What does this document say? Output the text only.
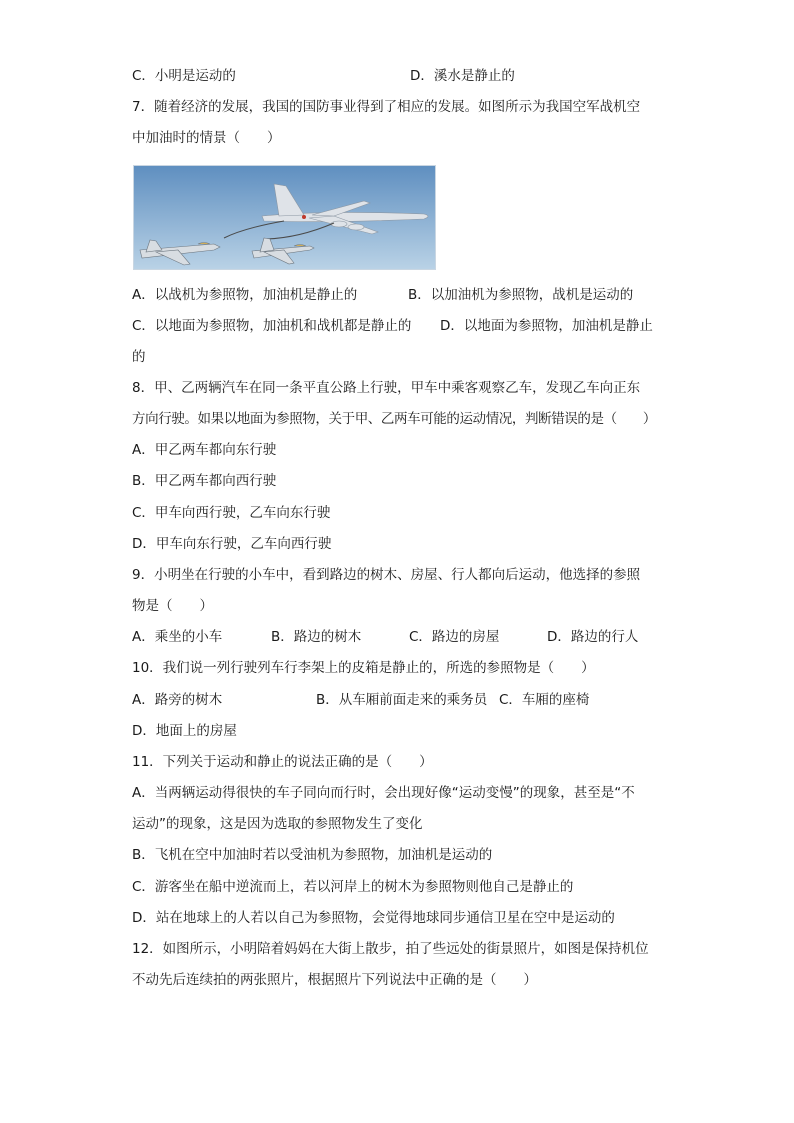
C．小明是运动的	D．溪水是静止的
7．随着经济的发展，我国的国防事业得到了相应的发展。如图所示为我国空军战机空
中加油时的情景（　　）
A．以战机为参照物，加油机是静止的	B．以加油机为参照物，战机是运动的
C．以地面为参照物，加油机和战机都是静止的 D．以地面为参照物，加油机是静止
的
8．甲、乙两辆汽车在同一条平直公路上行驶，甲车中乘客观察乙车，发现乙车向正东
方向行驶。如果以地面为参照物，关于甲、乙两车可能的运动情况，判断错误的是（　　）
A．甲乙两车都向东行驶
B．甲乙两车都向西行驶
C．甲车向西行驶，乙车向东行驶
D．甲车向东行驶，乙车向西行驶
9．小明坐在行驶的小车中，看到路边的树木、房屋、行人都向后运动，他选择的参照
物是（　　）
A．乘坐的小车	B．路边的树木	C．路边的房屋	D．路边的行人
10．我们说一列行驶列车行李架上的皮箱是静止的，所选的参照物是（　　）
A．路旁的树木	B．从车厢前面走来的乘务员 C．车厢的座椅
D．地面上的房屋
11．下列关于运动和静止的说法正确的是（　　）
A．当两辆运动得很快的车子同向而行时，会出现好像“运动变慢”的现象，甚至是“不
运动”的现象，这是因为选取的参照物发生了变化
B．飞机在空中加油时若以受油机为参照物，加油机是运动的
C．游客坐在船中逆流而上，若以河岸上的树木为参照物则他自己是静止的
D．站在地球上的人若以自己为参照物，会觉得地球同步通信卫星在空中是运动的
12．如图所示，小明陪着妈妈在大街上散步，拍了些远处的街景照片，如图是保持机位
不动先后连续拍的两张照片，根据照片下列说法中正确的是（　　）
